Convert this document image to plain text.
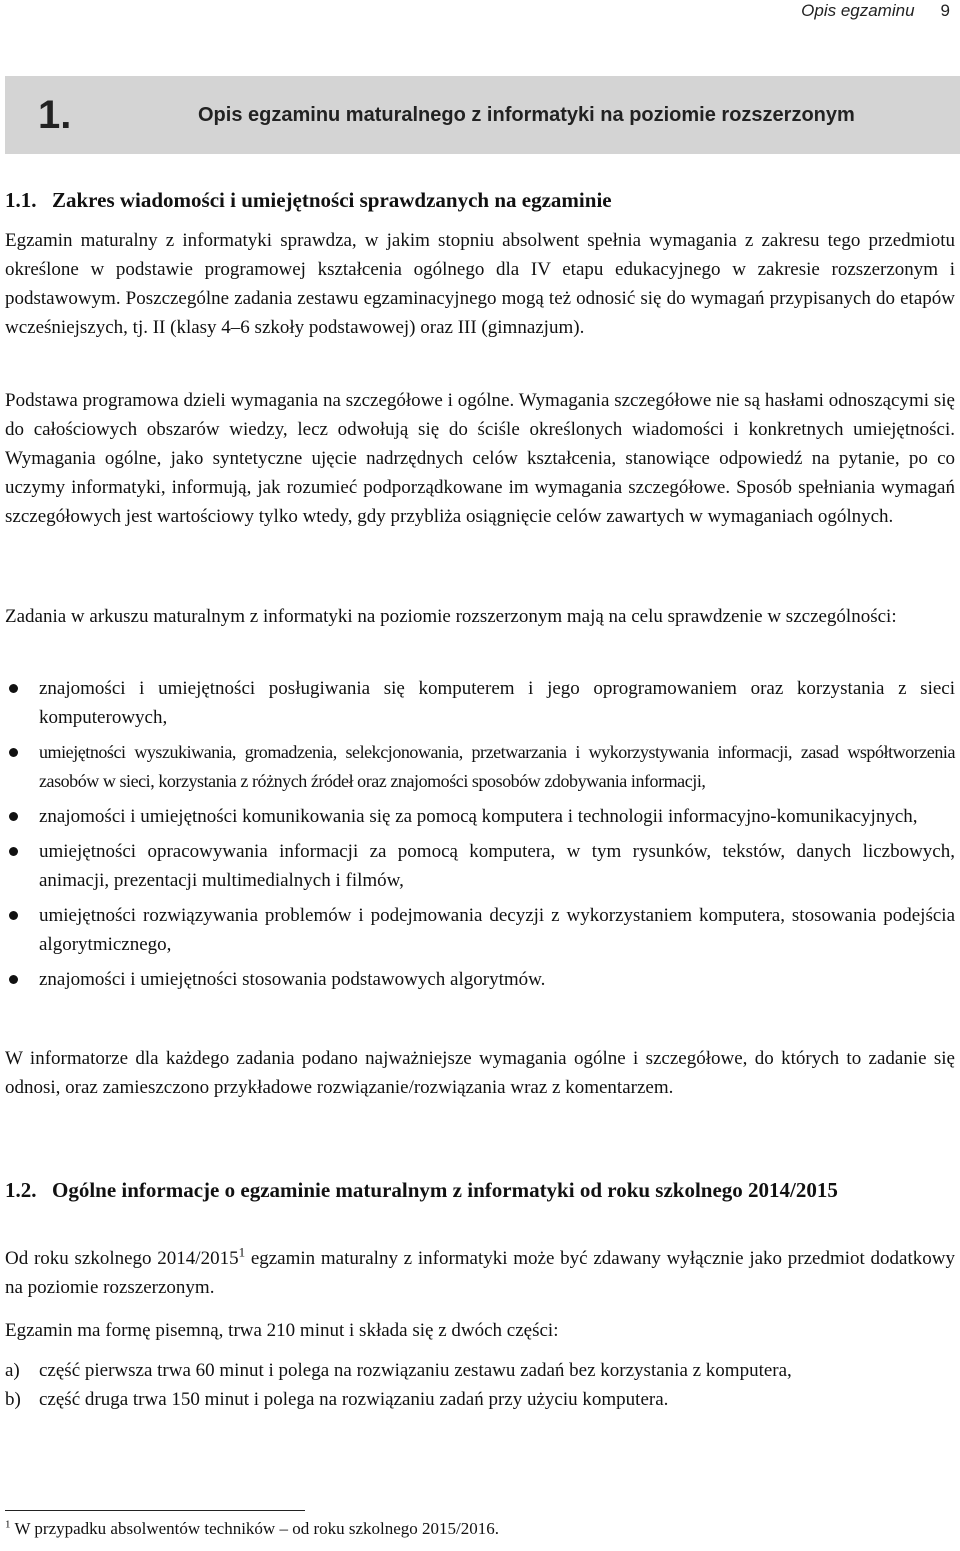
Opis egzaminu 9
1.	Opis egzaminu maturalnego z informatyki na poziomie rozszerzonym
1.1. Zakres wiadomości i umiejętności sprawdzanych na egzaminie

Egzamin maturalny z informatyki sprawdza, w jakim stopniu absolwent spełnia wymagania z zakresu tego przedmiotu określone w podstawie programowej kształcenia ogólnego dla IV etapu edukacyjnego w zakresie rozszerzonym i podstawowym. Poszczególne zadania zestawu egzaminacyjnego mogą też odnosić się do wymagań przypisanych do etapów wcześniejszych, tj. II (klasy 4–6 szkoły podstawowej) oraz III (gimnazjum).

Podstawa programowa dzieli wymagania na szczegółowe i ogólne. Wymagania szczegółowe nie są hasłami odnoszącymi się do całościowych obszarów wiedzy, lecz odwołują się do ściśle określonych wiadomości i konkretnych umiejętności. Wymagania ogólne, jako syntetyczne ujęcie nadrzędnych celów kształcenia, stanowiące odpowiedź na pytanie, po co uczymy informatyki, informują, jak rozumieć podporządkowane im wymagania szczegółowe. Sposób spełniania wymagań szczegółowych jest wartościowy tylko wtedy, gdy przybliża osiągnięcie celów zawartych w wymaganiach ogólnych.

Zadania w arkuszu maturalnym z informatyki na poziomie rozszerzonym mają na celu sprawdzenie w szczególności:

znajomości i umiejętności posługiwania się komputerem i jego oprogramowaniem oraz korzystania z sieci komputerowych,
umiejętności wyszukiwania, gromadzenia, selekcjonowania, przetwarzania i wykorzystywania informacji, zasad współtworzenia zasobów w sieci, korzystania z różnych źródeł oraz znajomości sposobów zdobywania informacji,
znajomości i umiejętności komunikowania się za pomocą komputera i technologii informacyjno-komunikacyjnych,
umiejętności opracowywania informacji za pomocą komputera, w tym rysunków, tekstów, danych liczbowych, animacji, prezentacji multimedialnych i filmów,
umiejętności rozwiązywania problemów i podejmowania decyzji z wykorzystaniem komputera, stosowania podejścia algorytmicznego,
znajomości i umiejętności stosowania podstawowych algorytmów.

W informatorze dla każdego zadania podano najważniejsze wymagania ogólne i szczegółowe, do których to zadanie się odnosi, oraz zamieszczono przykładowe rozwiązanie/rozwiązania wraz z komentarzem.

1.2. Ogólne informacje o egzaminie maturalnym z informatyki od roku szkolnego 2014/2015

Od roku szkolnego 2014/2015$^1$ egzamin maturalny z informatyki może być zdawany wyłącznie jako przedmiot dodatkowy na poziomie rozszerzonym.

Egzamin ma formę pisemną, trwa 210 minut i składa się z dwóch części:

a) część pierwsza trwa 60 minut i polega na rozwiązaniu zestawu zadań bez korzystania z komputera,
b) część druga trwa 150 minut i polega na rozwiązaniu zadań przy użyciu komputera.
$^1$ W przypadku absolwentów techników – od roku szkolnego 2015/2016.
